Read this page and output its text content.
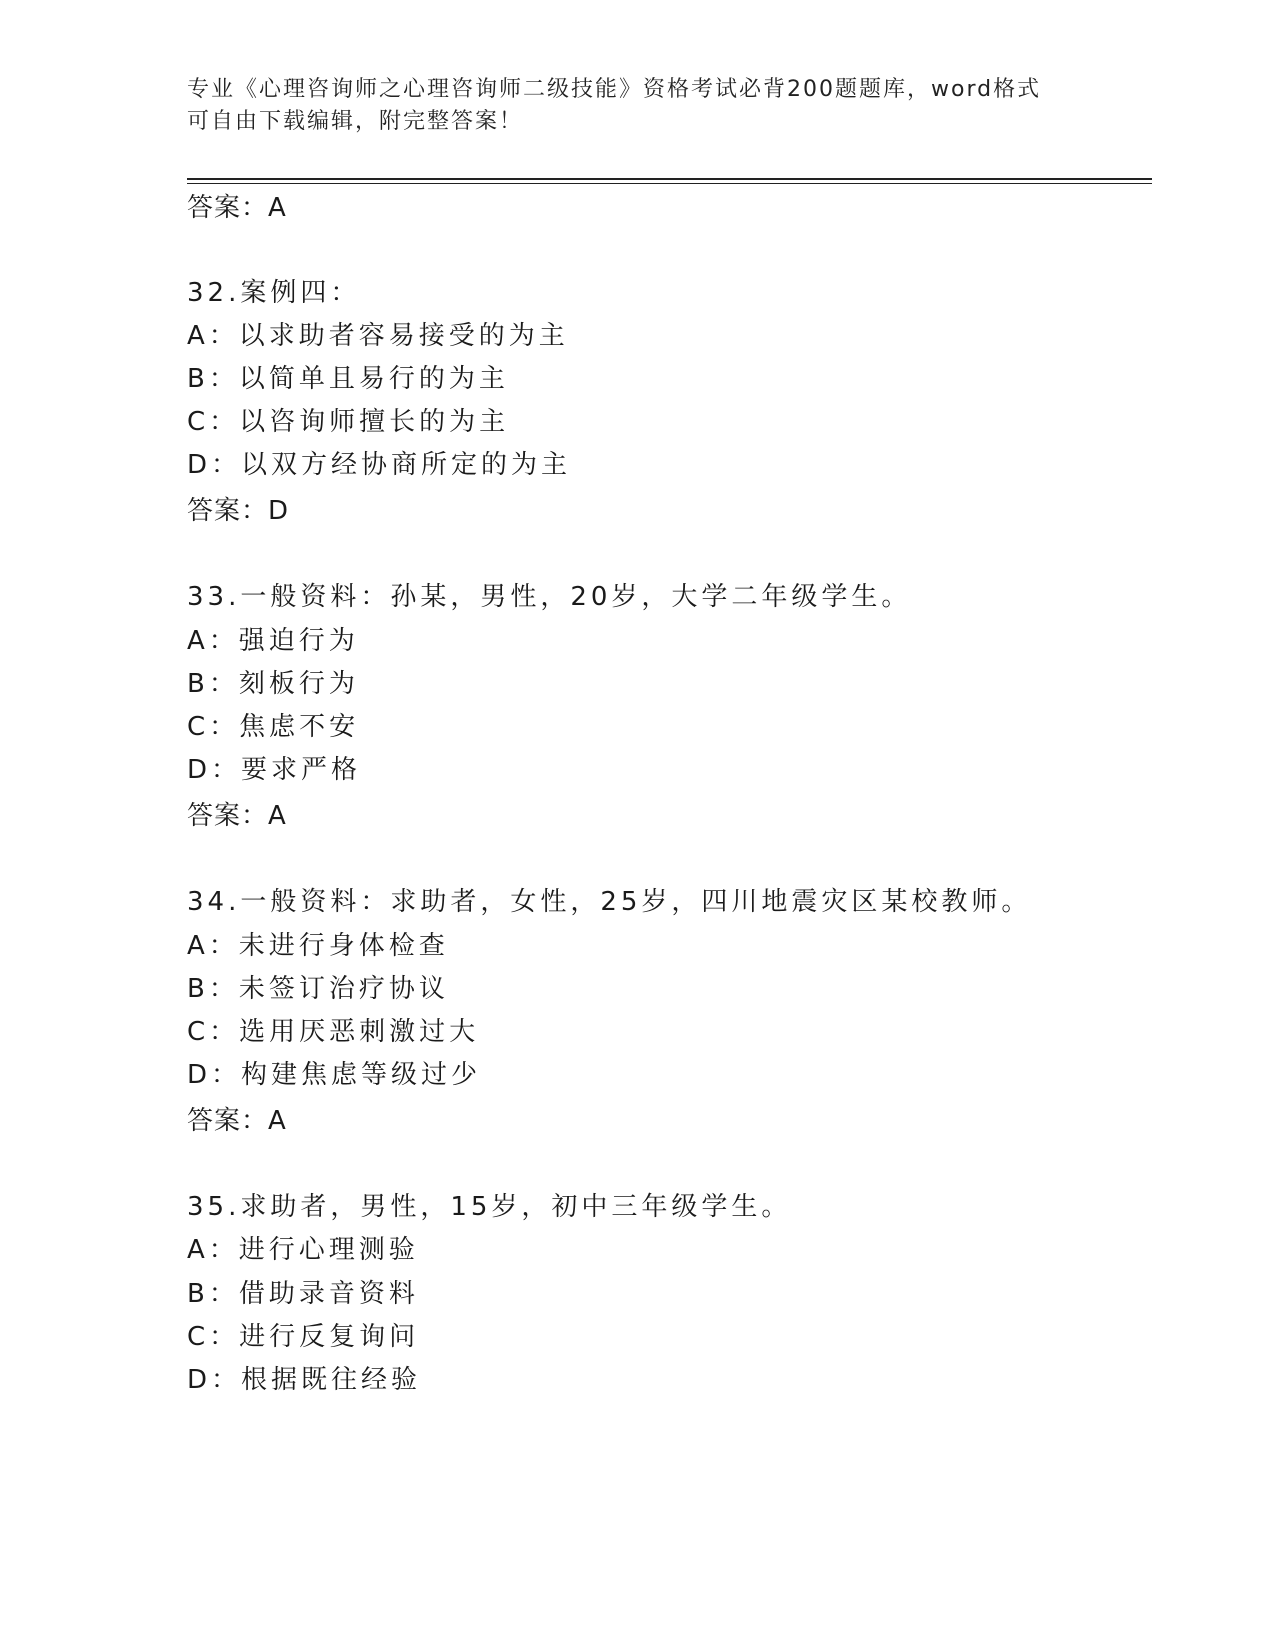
专业《心理咨询师之心理咨询师二级技能》资格考试必背200题题库，word格式
可自由下载编辑，附完整答案！
答案：A
32.案例四：
A：以求助者容易接受的为主
B：以简单且易行的为主
C：以咨询师擅长的为主
D：以双方经协商所定的为主
答案：D
33.一般资料：孙某，男性，20岁，大学二年级学生。
A：强迫行为
B：刻板行为
C：焦虑不安
D：要求严格
答案：A
34.一般资料：求助者，女性，25岁，四川地震灾区某校教师。
A：未进行身体检查
B：未签订治疗协议
C：选用厌恶刺激过大
D：构建焦虑等级过少
答案：A
35.求助者，男性，15岁，初中三年级学生。
A：进行心理测验
B：借助录音资料
C：进行反复询问
D：根据既往经验
